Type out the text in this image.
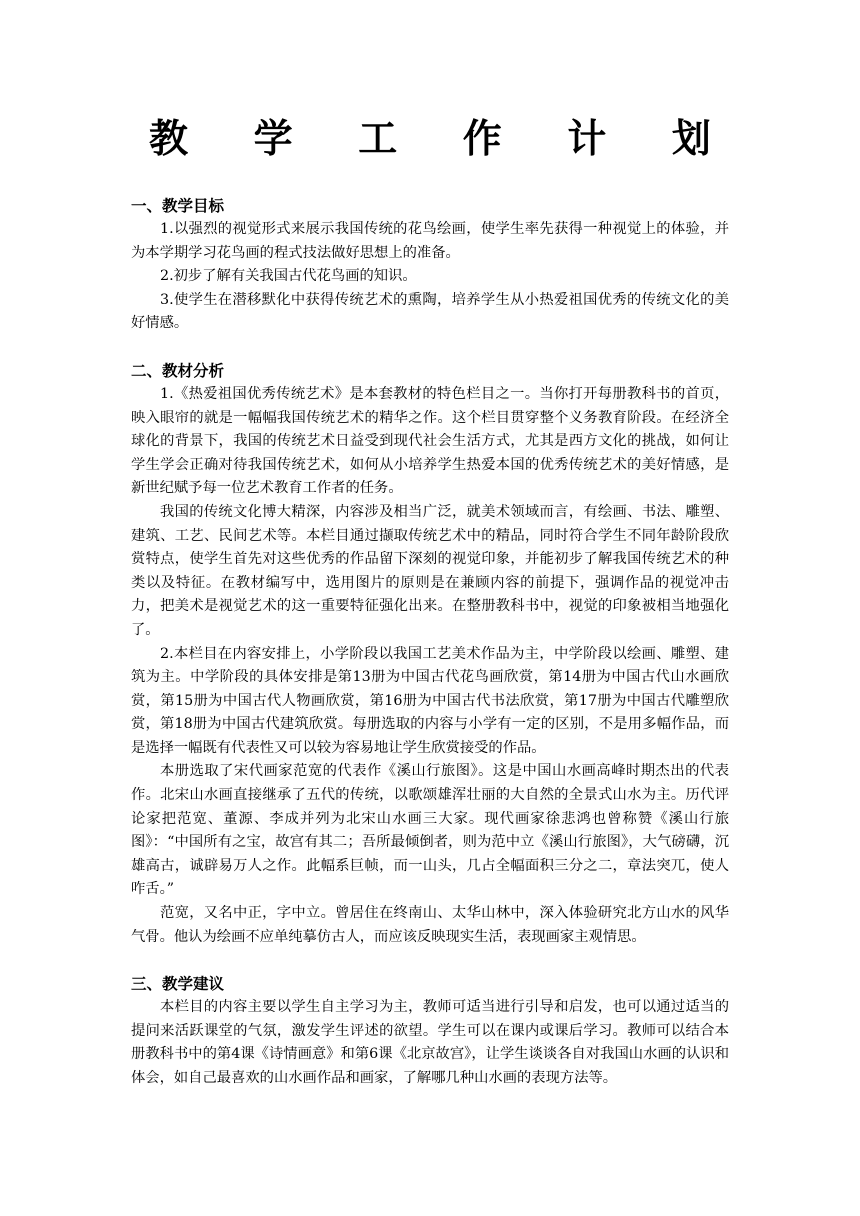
教 学 工 作 计 划

一、教学目标

1.以强烈的视觉形式来展示我国传统的花鸟绘画，使学生率先获得一种视觉上的体验，并为本学期学习花鸟画的程式技法做好思想上的准备。

2.初步了解有关我国古代花鸟画的知识。

3.使学生在潜移默化中获得传统艺术的熏陶，培养学生从小热爱祖国优秀的传统文化的美好情感。

二、教材分析

1.《热爱祖国优秀传统艺术》是本套教材的特色栏目之一。当你打开每册教科书的首页，映入眼帘的就是一幅幅我国传统艺术的精华之作。这个栏目贯穿整个义务教育阶段。在经济全球化的背景下，我国的传统艺术日益受到现代社会生活方式，尤其是西方文化的挑战，如何让学生学会正确对待我国传统艺术，如何从小培养学生热爱本国的优秀传统艺术的美好情感，是新世纪赋予每一位艺术教育工作者的任务。

我国的传统文化博大精深，内容涉及相当广泛，就美术领域而言，有绘画、书法、雕塑、建筑、工艺、民间艺术等。本栏目通过撷取传统艺术中的精品，同时符合学生不同年龄阶段欣赏特点，使学生首先对这些优秀的作品留下深刻的视觉印象，并能初步了解我国传统艺术的种类以及特征。在教材编写中，选用图片的原则是在兼顾内容的前提下，强调作品的视觉冲击力，把美术是视觉艺术的这一重要特征强化出来。在整册教科书中，视觉的印象被相当地强化了。

2.本栏目在内容安排上，小学阶段以我国工艺美术作品为主，中学阶段以绘画、雕塑、建筑为主。中学阶段的具体安排是第13册为中国古代花鸟画欣赏，第14册为中国古代山水画欣赏，第15册为中国古代人物画欣赏，第16册为中国古代书法欣赏，第17册为中国古代雕塑欣赏，第18册为中国古代建筑欣赏。每册选取的内容与小学有一定的区别，不是用多幅作品，而是选择一幅既有代表性又可以较为容易地让学生欣赏接受的作品。

本册选取了宋代画家范宽的代表作《溪山行旅图》。这是中国山水画高峰时期杰出的代表作。北宋山水画直接继承了五代的传统，以歌颂雄浑壮丽的大自然的全景式山水为主。历代评论家把范宽、董源、李成并列为北宋山水画三大家。现代画家徐悲鸿也曾称赞《溪山行旅图》：“中国所有之宝，故宫有其二；吾所最倾倒者，则为范中立《溪山行旅图》，大气磅礴，沉雄高古，诚辟易万人之作。此幅系巨帧，而一山头，几占全幅面积三分之二，章法突兀，使人咋舌。”

范宽，又名中正，字中立。曾居住在终南山、太华山林中，深入体验研究北方山水的风华气骨。他认为绘画不应单纯摹仿古人，而应该反映现实生活，表现画家主观情思。

三、教学建议

本栏目的内容主要以学生自主学习为主，教师可适当进行引导和启发，也可以通过适当的提问来活跃课堂的气氛，激发学生评述的欲望。学生可以在课内或课后学习。教师可以结合本册教科书中的第4课《诗情画意》和第6课《北京故宫》，让学生谈谈各自对我国山水画的认识和体会，如自己最喜欢的山水画作品和画家，了解哪几种山水画的表现方法等。
